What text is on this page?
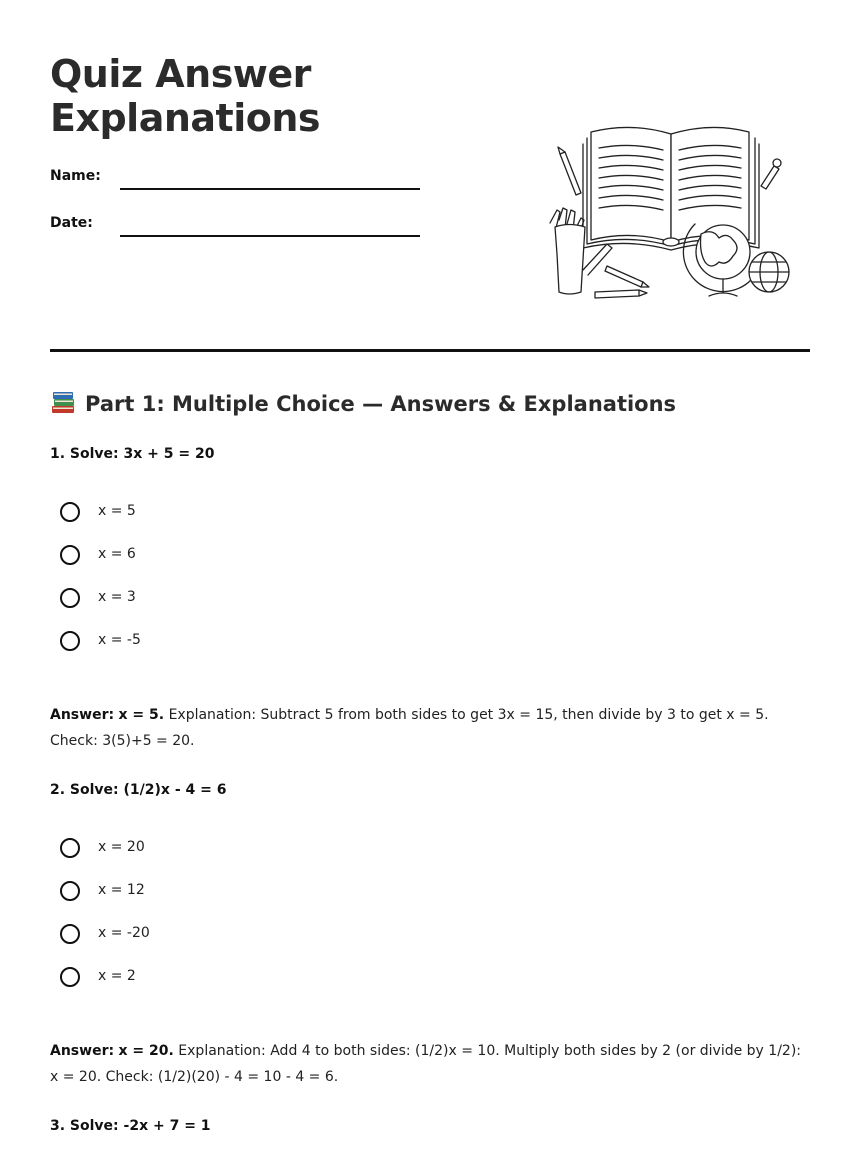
Quiz Answer
Explanations
Name:
Date:
Part 1: Multiple Choice — Answers & Explanations
1. Solve: 3x + 5 = 20
x = 5
x = 6
x = 3
x = -5

Answer: x = 5. Explanation: Subtract 5 from both sides to get 3x = 15, then divide by 3 to get x = 5. Check: 3(5)+5 = 20.

2. Solve: (1/2)x - 4 = 6
x = 20
x = 12
x = -20
x = 2

Answer: x = 20. Explanation: Add 4 to both sides: (1/2)x = 10. Multiply both sides by 2 (or divide by 1/2): x = 20. Check: (1/2)(20) - 4 = 10 - 4 = 6.

3. Solve: -2x + 7 = 1
